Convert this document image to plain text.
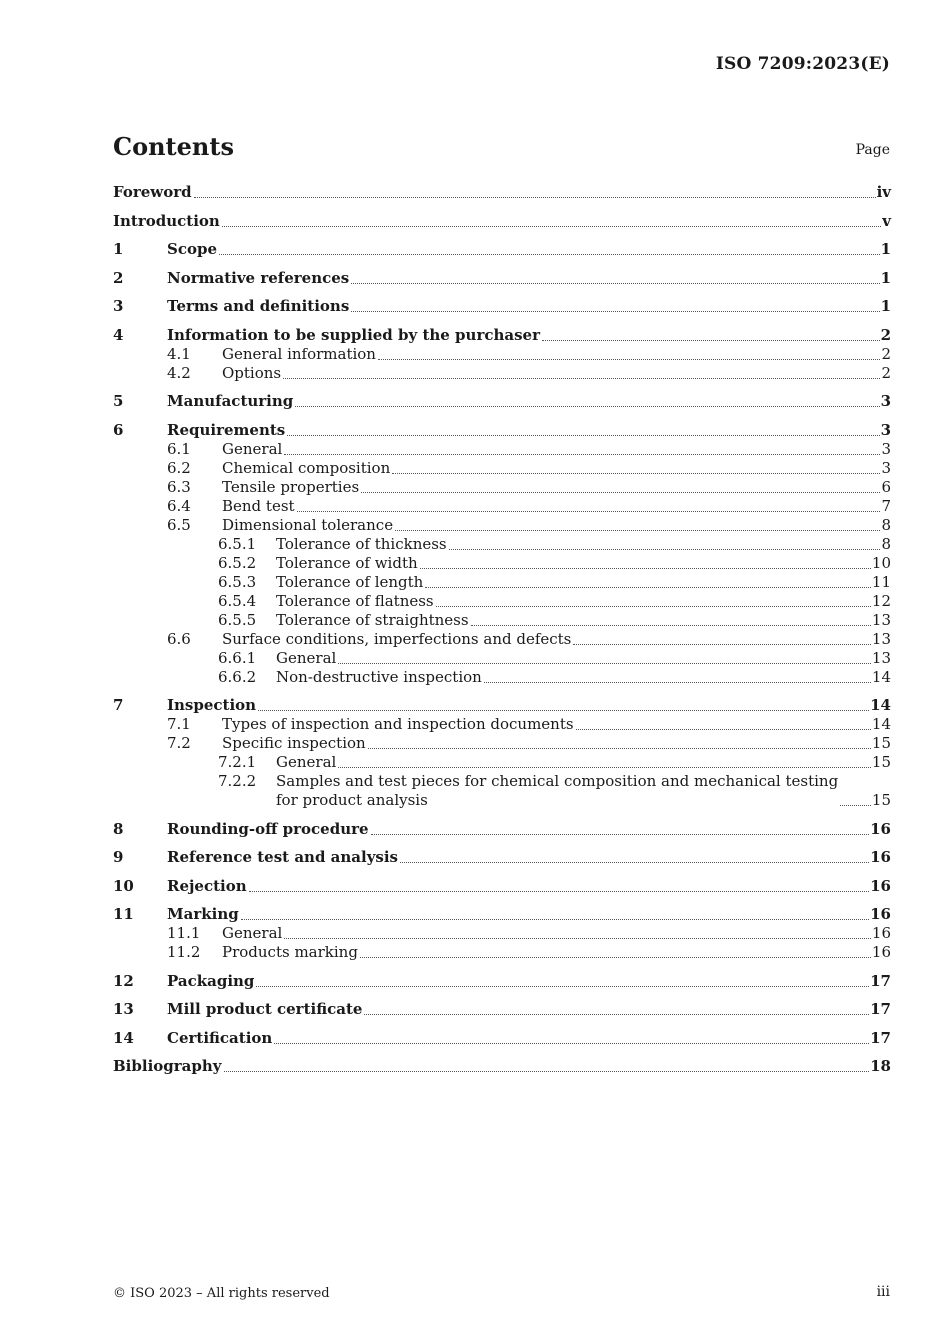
ISO 7209:2023(E)
Contents	Page
Foreword	iv
Introduction	v
1	Scope	1
2	Normative references	1
3	Terms and definitions	1
4	Information to be supplied by the purchaser	2
4.1 General information	2
4.2 Options	2
5	Manufacturing	3
6	Requirements	3
6.1 General	3
6.2 Chemical composition	3
6.3 Tensile properties	6
6.4 Bend test	7
6.5 Dimensional tolerance	8
6.5.1 Tolerance of thickness	8
6.5.2 Tolerance of width	10
6.5.3 Tolerance of length	11
6.5.4 Tolerance of flatness	12
6.5.5 Tolerance of straightness	13
6.6 Surface conditions, imperfections and defects	13
6.6.1 General	13
6.6.2 Non-destructive inspection	14
7	Inspection	14
7.1 Types of inspection and inspection documents	14
7.2 Specific inspection	15
7.2.1 General	15
7.2.2 Samples and test pieces for chemical composition and mechanical testing
for product analysis	15
8	Rounding-off procedure	16
9	Reference test and analysis	16
10 Rejection	16
11 Marking	16
11.1 General	16
11.2 Products marking	16
12 Packaging	17
13 Mill product certificate	17
14 Certification	17
Bibliography	18
© ISO 2023 – All rights reserved	iii
